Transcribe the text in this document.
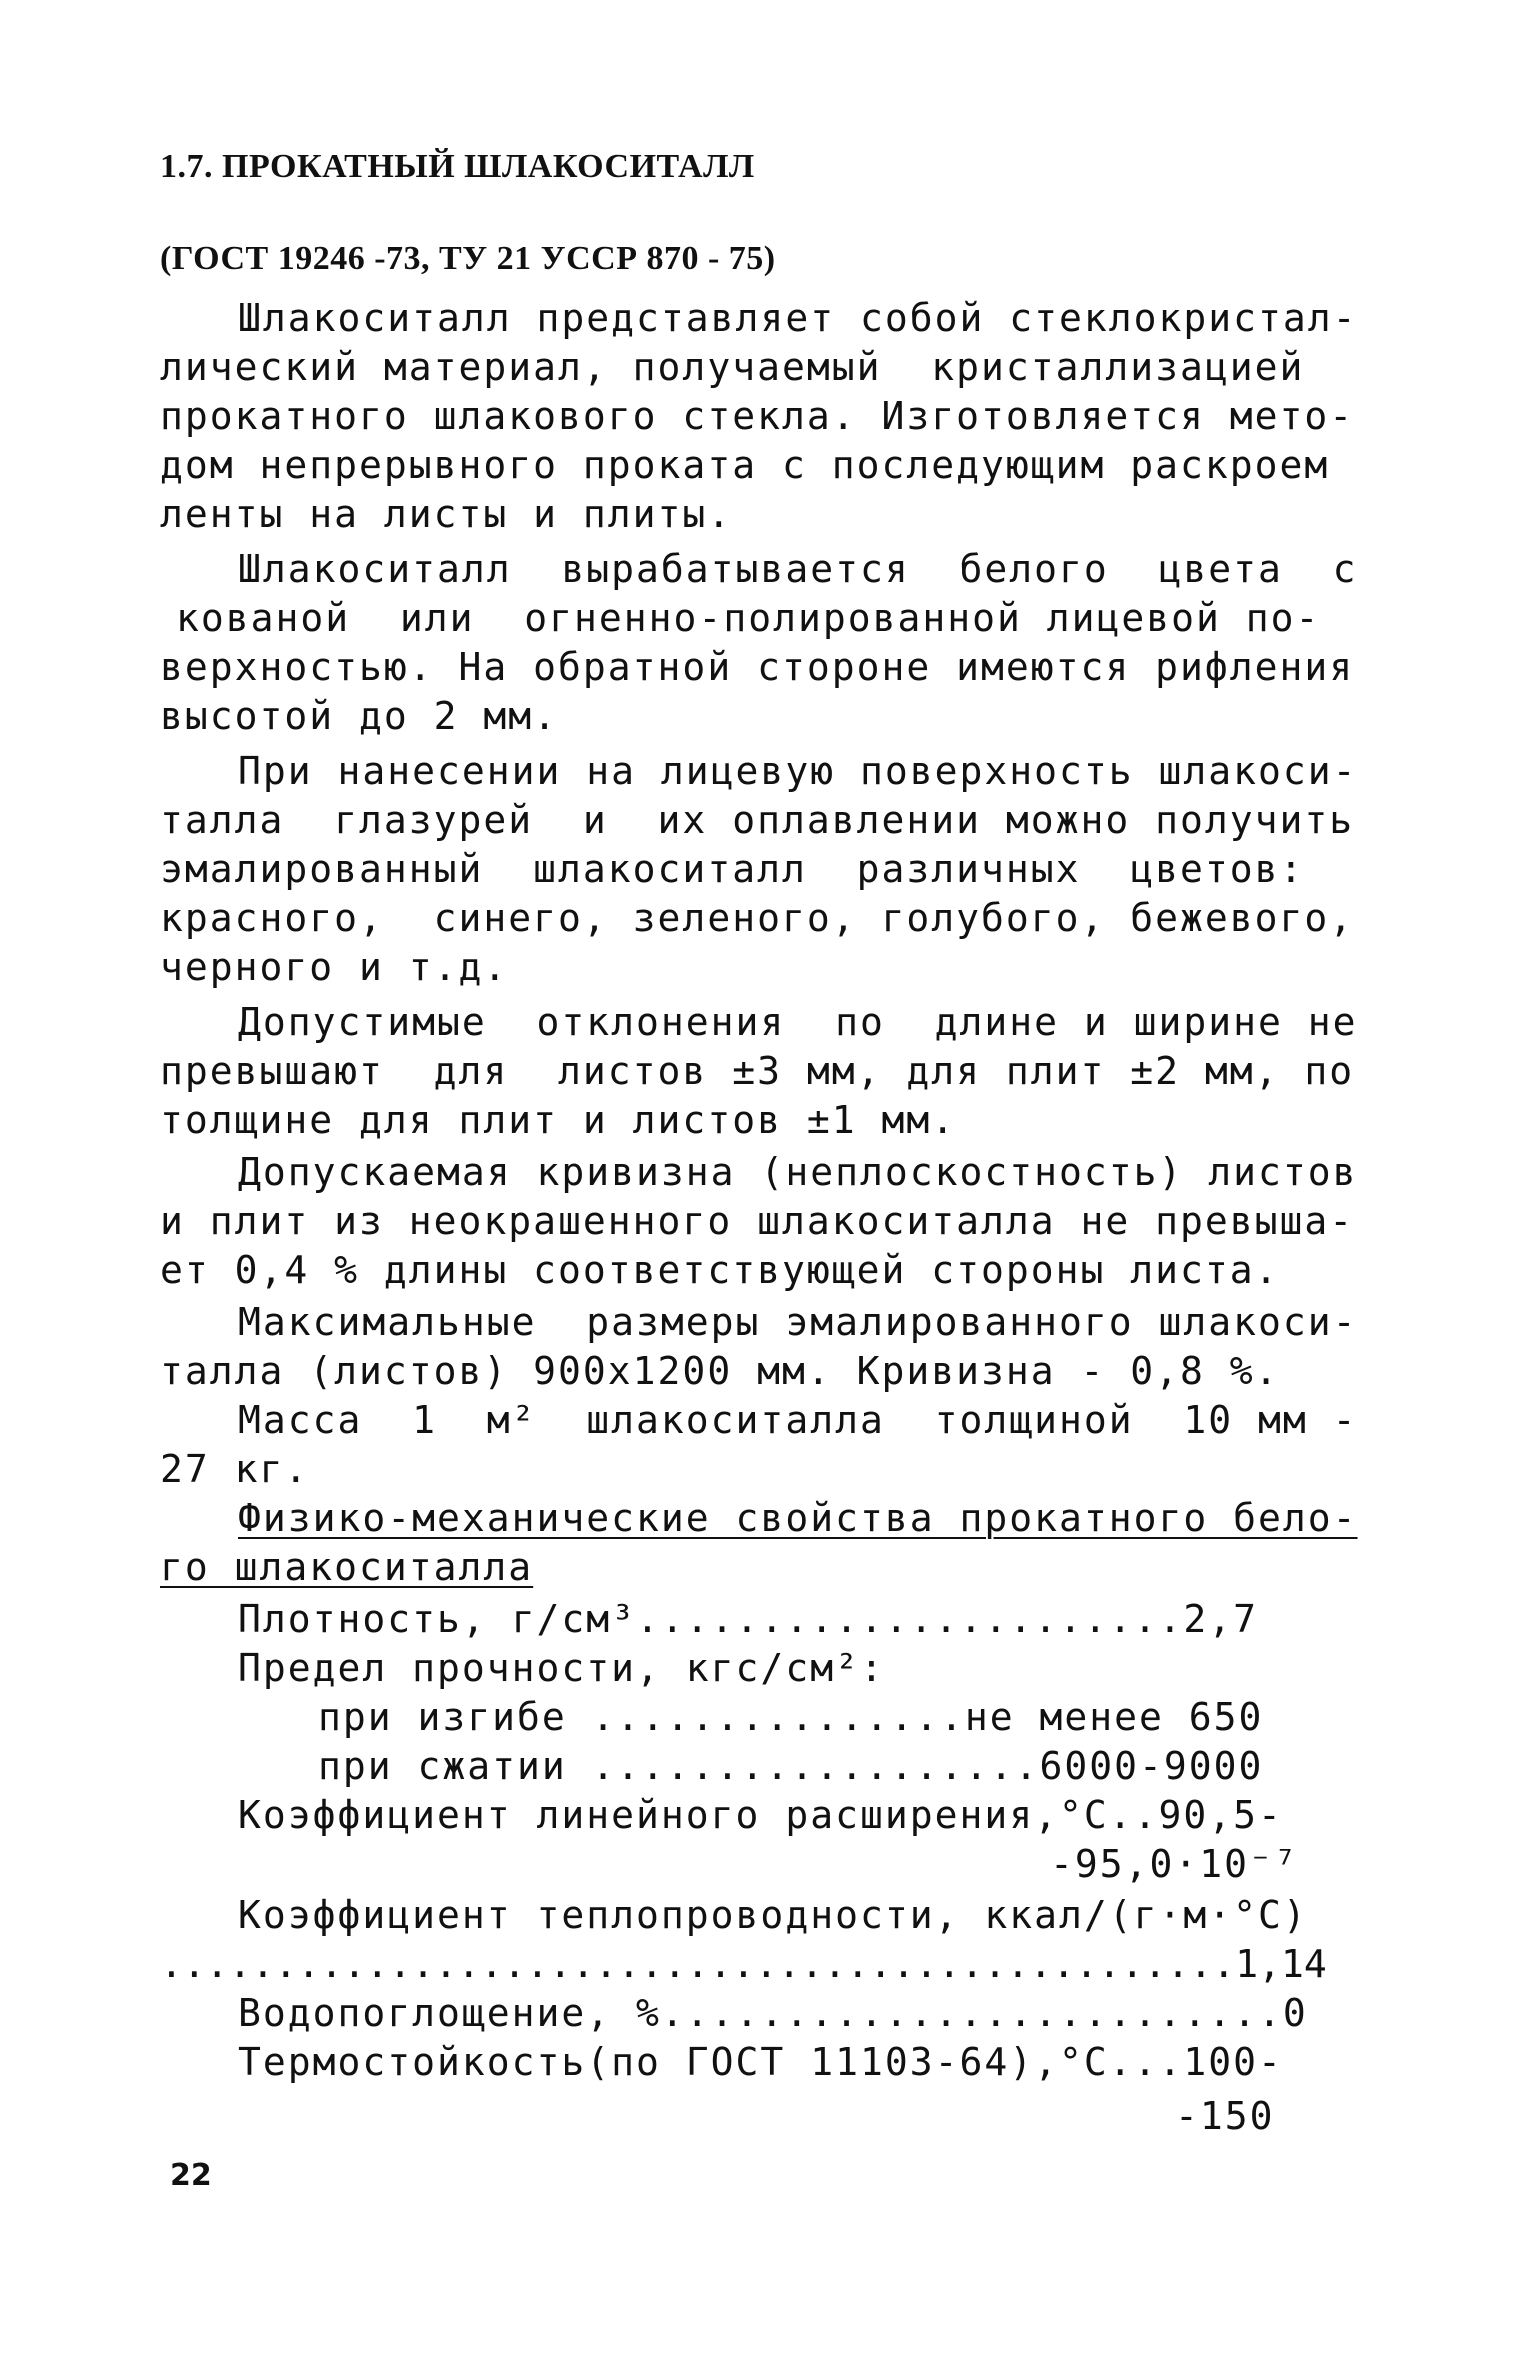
1.7. ПРОКАТНЫЙ ШЛАКОСИТАЛЛ
(ГОСТ 19246 -73, ТУ 21 УССР 870 - 75)
Шлакоситалл представляет собой стеклокристал-
лический материал, получаемый  кристаллизацией
прокатного шлакового стекла. Изготовляется мето-
дом непрерывного проката с последующим раскроем
ленты на листы и плиты.
Шлакоситалл  вырабатывается  белого  цвета  с
кованой  или  огненно-полированной лицевой по-
верхностью. На обратной стороне имеются рифления
высотой до 2 мм.
При нанесении на лицевую поверхность шлакоси-
талла  глазурей  и  их оплавлении можно получить
эмалированный  шлакоситалл  различных  цветов:
красного,  синего, зеленого, голубого, бежевого,
черного и т.д.
Допустимые  отклонения  по  длине и ширине не
превышают  для  листов ±3 мм, для плит ±2 мм, по
толщине для плит и листов ±1 мм.
Допускаемая кривизна (неплоскостность) листов
и плит из неокрашенного шлакоситалла не превыша-
ет 0,4 % длины соответствующей стороны листа.
Максимальные  размеры эмалированного шлакоси-
талла (листов) 900х1200 мм. Кривизна - 0,8 %.
Масса  1  м²  шлакоситалла  толщиной  10 мм -
27 кг.
Физико-механические свойства прокатного бело-
го шлакоситалла
Плотность, г/см³......................2,7
Предел прочности, кгс/см²:
при изгибе ...............не менее 650
при сжатии ..................6000-9000
Коэффициент линейного расширения,°С..90,5-
-95,0·10⁻⁷
Коэффициент теплопроводности, ккал/(г·м·°С)
...............................................1,14
Водопоглощение, %.........................0
Термостойкость(по ГОСТ 11103-64),°С...100-
-150
22
